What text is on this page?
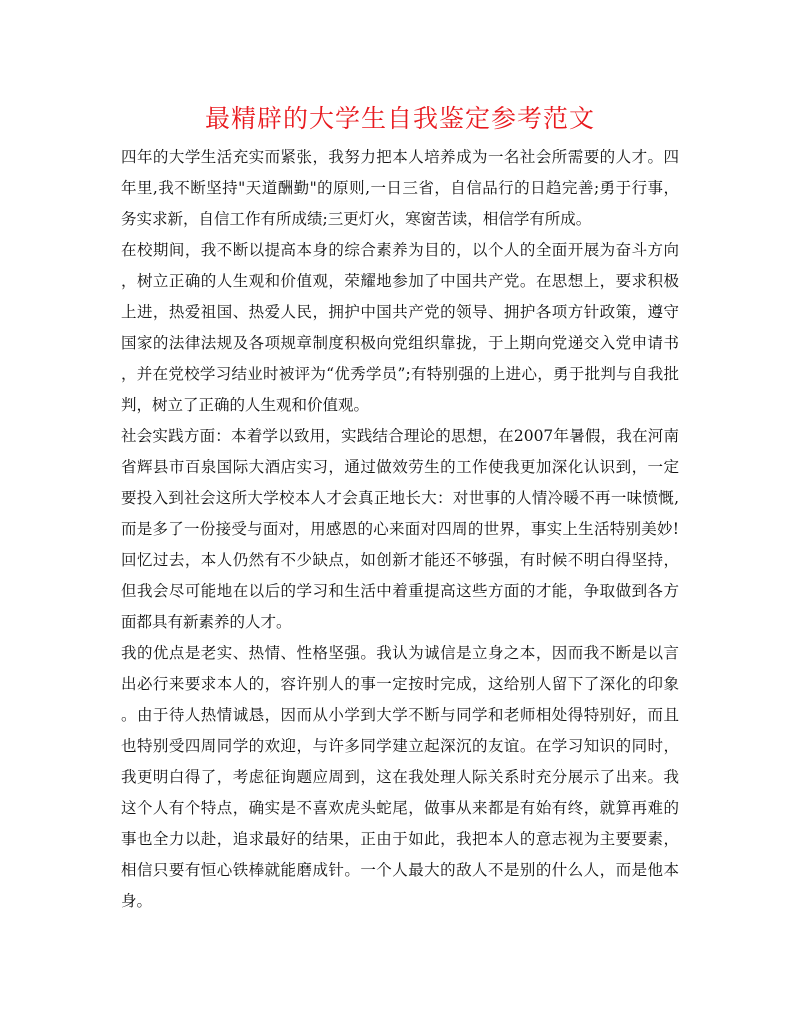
最精辟的大学生自我鉴定参考范文
四年的大学生活充实而紧张，我努力把本人培养成为一名社会所需要的人才。四
年里,我不断坚持"天道酬勤"的原则,一日三省，自信品行的日趋完善;勇于行事，
务实求新，自信工作有所成绩;三更灯火，寒窗苦读，相信学有所成。
在校期间，我不断以提高本身的综合素养为目的，以个人的全面开展为奋斗方向
，树立正确的人生观和价值观，荣耀地参加了中国共产党。在思想上，要求积极
上进，热爱祖国、热爱人民，拥护中国共产党的领导、拥护各项方针政策，遵守
国家的法律法规及各项规章制度积极向党组织靠拢，于上期向党递交入党申请书
，并在党校学习结业时被评为“优秀学员”;有特别强的上进心，勇于批判与自我批
判，树立了正确的人生观和价值观。
社会实践方面：本着学以致用，实践结合理论的思想，在2007年暑假，我在河南
省辉县市百泉国际大酒店实习，通过做效劳生的工作使我更加深化认识到，一定
要投入到社会这所大学校本人才会真正地长大：对世事的人情冷暖不再一味愤慨,
而是多了一份接受与面对，用感恩的心来面对四周的世界，事实上生活特别美妙!
回忆过去，本人仍然有不少缺点，如创新才能还不够强，有时候不明白得坚持，
但我会尽可能地在以后的学习和生活中着重提高这些方面的才能，争取做到各方
面都具有新素养的人才。
我的优点是老实、热情、性格坚强。我认为诚信是立身之本，因而我不断是以言
出必行来要求本人的，容许别人的事一定按时完成，这给别人留下了深化的印象
。由于待人热情诚恳，因而从小学到大学不断与同学和老师相处得特别好，而且
也特别受四周同学的欢迎，与许多同学建立起深沉的友谊。在学习知识的同时，
我更明白得了，考虑征询题应周到，这在我处理人际关系时充分展示了出来。我
这个人有个特点，确实是不喜欢虎头蛇尾，做事从来都是有始有终，就算再难的
事也全力以赴，追求最好的结果，正由于如此，我把本人的意志视为主要要素，
相信只要有恒心铁棒就能磨成针。一个人最大的敌人不是别的什么人，而是他本
身。
